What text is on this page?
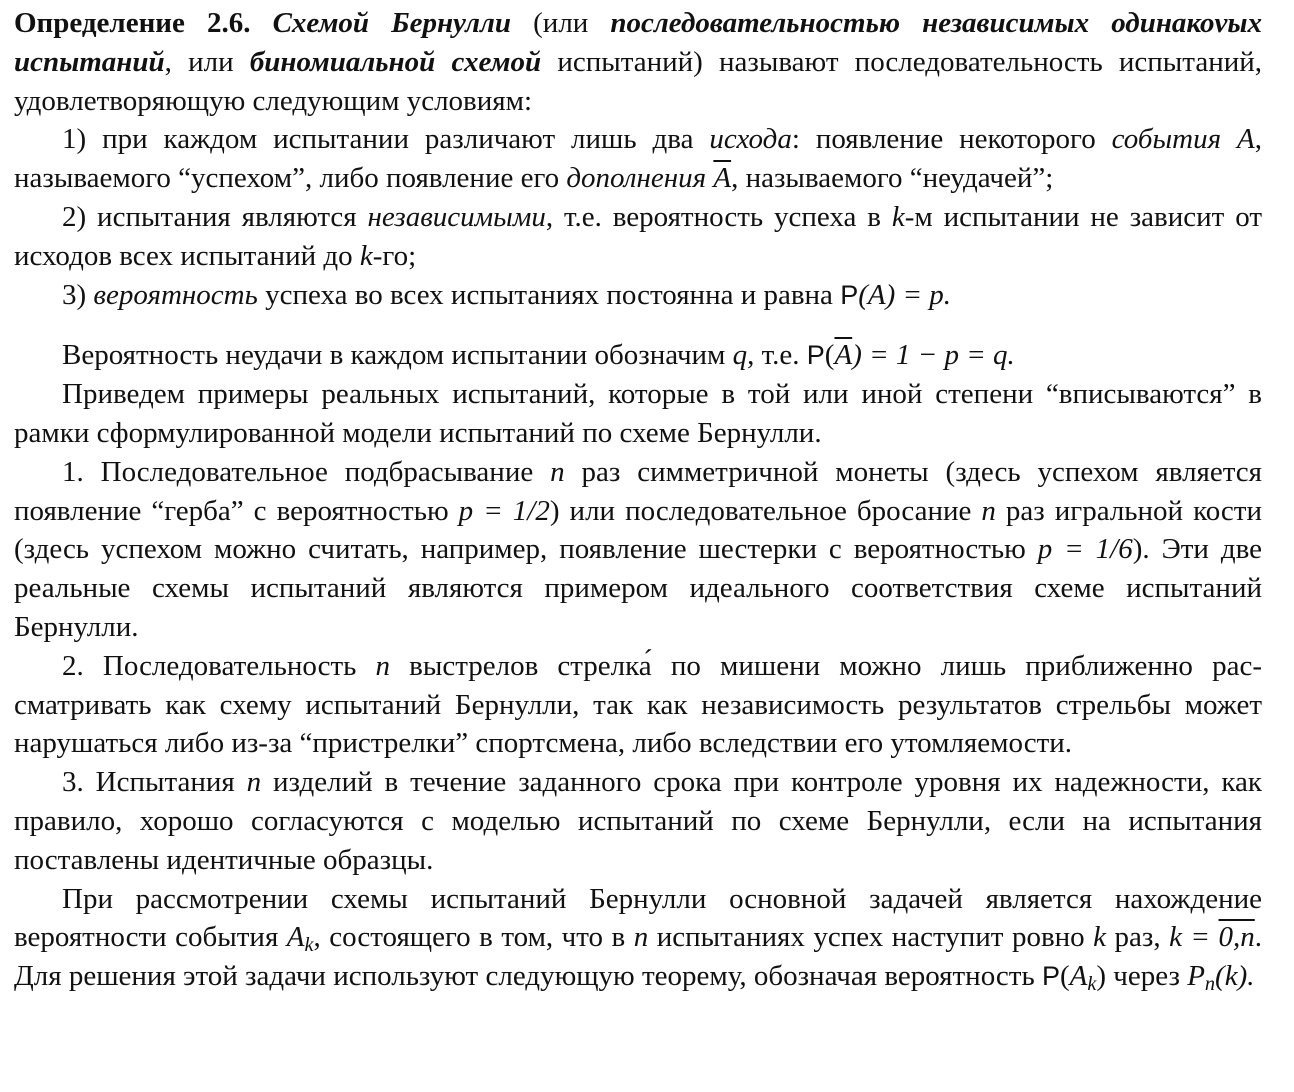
Определение 2.6. Схемой Бернулли (или последовательностью независимых одинакоvых испытаний, или биномиальной схемой испытаний) называют последовательность испытаний, удовлетворяющую следующим условиям:

1) при каждом испытании различают лишь два исхода: появление некоторого события A, называемого “успехом”, либо появление его дополнения $\overline{A}$, называемого “неудачей”;

2) испытания являются независимыми, т.е. вероятность успеха в k-м испытании не зависит от исходов всех испытаний до k-го;

3) вероятность успеха во всех испытаниях постоянна и равна P(A) = p.

Вероятность неудачи в каждом испытании обозначим q, т.е. $P(\overline{A}) = 1 - p = q$.

Приведем примеры реальных испытаний, которые в той или иной степени “вписываются” в рамки сформулированной модели испытаний по схеме Бернулли.

1. Последовательное подбрасывание n раз симметричной монеты (здесь успехом является появление “герба” с вероятностью p = 1/2) или последовательное бросание n раз игральной кости (здесь успехом можно считать, например, появление шестерки с вероятностью p = 1/6). Эти две реальные схемы испытаний являются примером идеального соответствия схеме испытаний Бернулли.

2. Последовательность n выстрелов стрелка́ по мишени можно лишь приближенно рассматривать как схему испытаний Бернулли, так как независимость результатов стрельбы может нарушаться либо из-за “пристрелки” спортсмена, либо вследствии его утомляемости.

3. Испытания n изделий в течение заданного срока при контроле уровня их надежности, как правило, хорошо согласуются с моделью испытаний по схеме Бернулли, если на испытания поставлены идентичные образцы.

При рассмотрении схемы испытаний Бернулли основной задачей является нахождение вероятности события $A_k$, состоящего в том, что в n испытаниях успех наступит ровно k раз, k = 0,n. Для решения этой задачи используют следующую теорему, обозначая вероятность $P(A_k)$ через $P_n(k)$.
